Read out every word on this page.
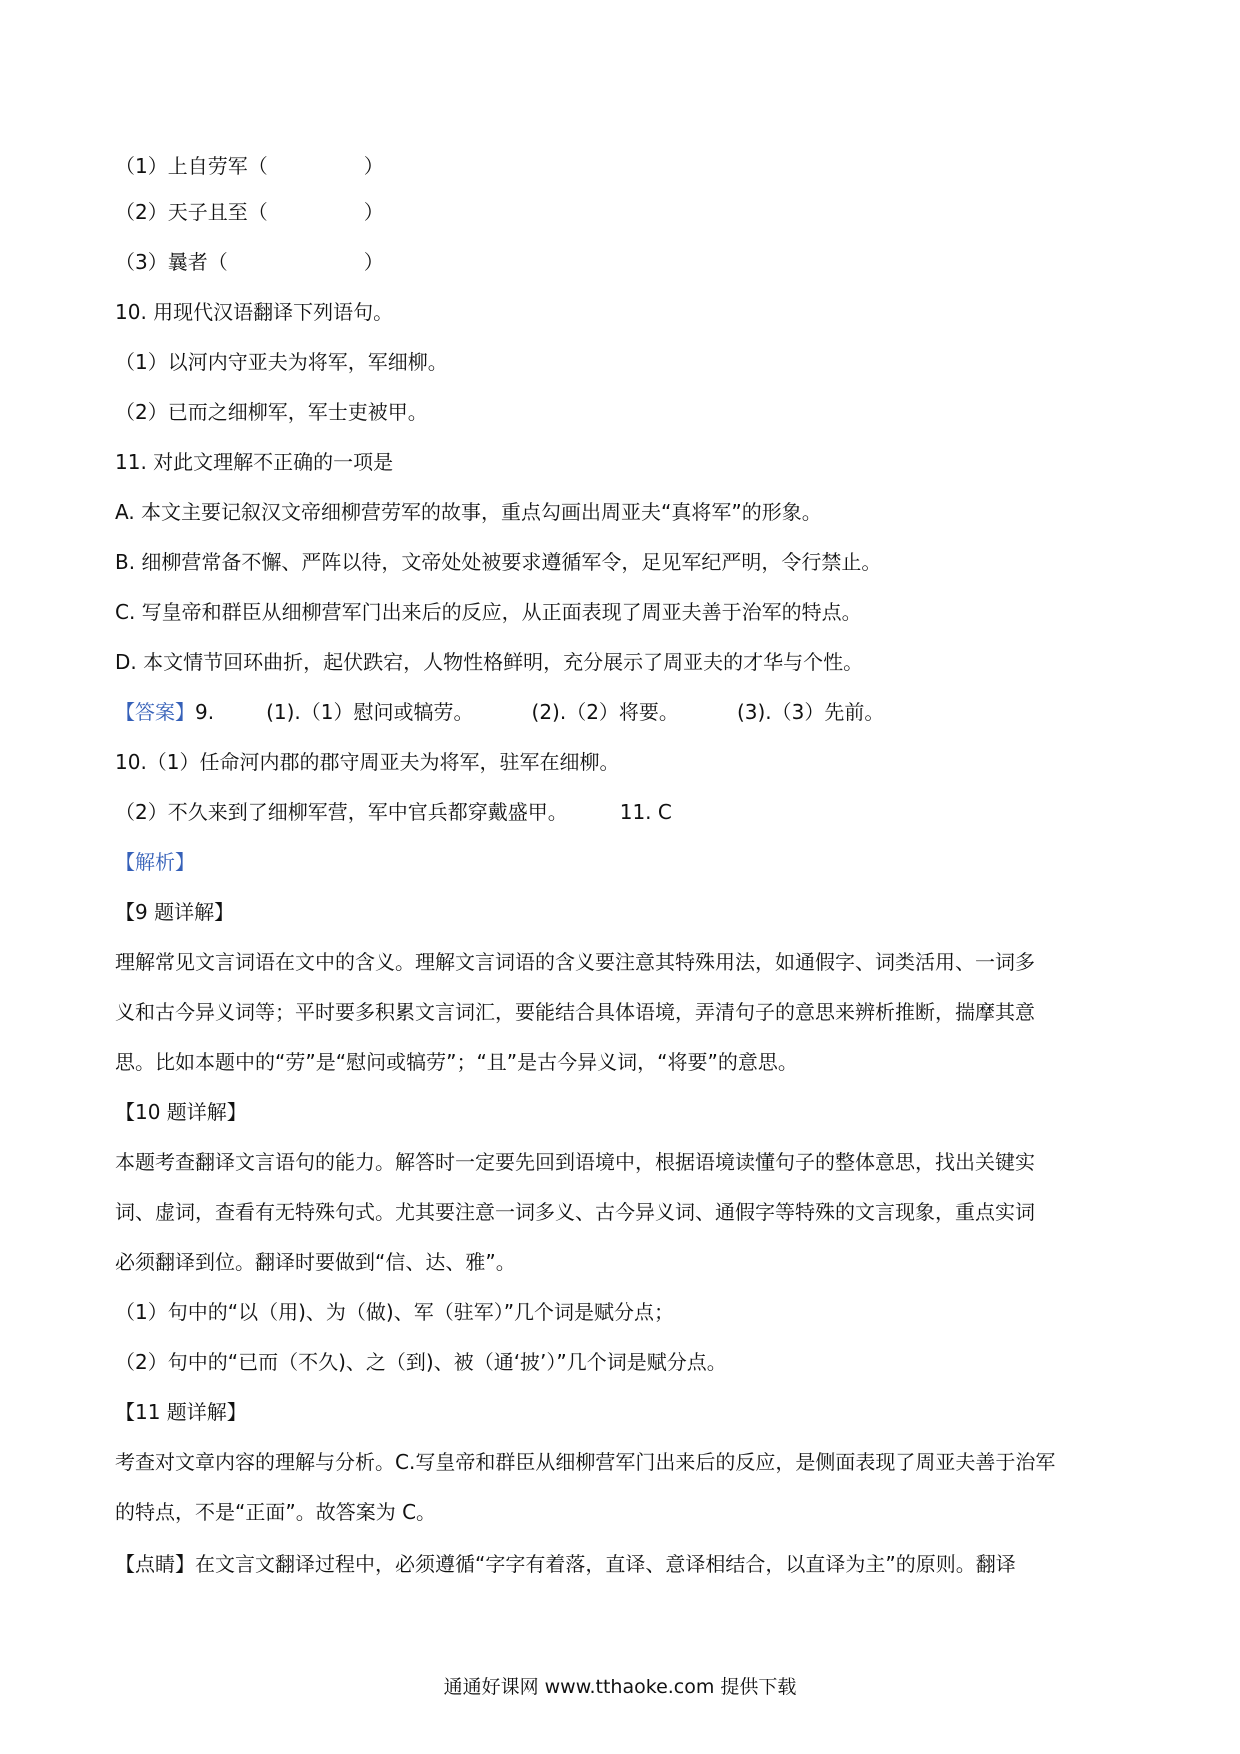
（1）上自劳军（	）
（2）天子且至（	）
（3）曩者（	）
10. 用现代汉语翻译下列语句。
（1）以河内守亚夫为将军，军细柳。
（2）已而之细柳军，军士吏被甲。
11. 对此文理解不正确的一项是
A. 本文主要记叙汉文帝细柳营劳军的故事，重点勾画出周亚夫“真将军”的形象。
B. 细柳营常备不懈、严阵以待，文帝处处被要求遵循军令，足见军纪严明，令行禁止。
C. 写皇帝和群臣从细柳营军门出来后的反应，从正面表现了周亚夫善于治军的特点。
D. 本文情节回环曲折，起伏跌宕，人物性格鲜明，充分展示了周亚夫的才华与个性。
【答案】9.	(1).（1）慰问或犒劳。	(2).（2）将要。	(3).（3）先前。
10.（1）任命河内郡的郡守周亚夫为将军，驻军在细柳。
（2）不久来到了细柳军营，军中官兵都穿戴盛甲。	11. C
【解析】
【9 题详解】
理解常见文言词语在文中的含义。理解文言词语的含义要注意其特殊用法，如通假字、词类活用、一词多
义和古今异义词等；平时要多积累文言词汇，要能结合具体语境，弄清句子的意思来辨析推断，揣摩其意
思。比如本题中的“劳”是“慰问或犒劳”；“且”是古今异义词，“将要”的意思。
【10 题详解】
本题考查翻译文言语句的能力。解答时一定要先回到语境中，根据语境读懂句子的整体意思，找出关键实
词、虚词，查看有无特殊句式。尤其要注意一词多义、古今异义词、通假字等特殊的文言现象，重点实词
必须翻译到位。翻译时要做到“信、达、雅”。
（1）句中的“以（用)、为（做)、军（驻军）”几个词是赋分点；
（2）句中的“已而（不久)、之（到)、被（通‘披’）”几个词是赋分点。
【11 题详解】
考查对文章内容的理解与分析。C.写皇帝和群臣从细柳营军门出来后的反应，是侧面表现了周亚夫善于治军
的特点，不是“正面”。故答案为 C。
【点睛】在文言文翻译过程中，必须遵循“字字有着落，直译、意译相结合，以直译为主”的原则。翻译
通通好课网 www.tthaoke.com 提供下载
